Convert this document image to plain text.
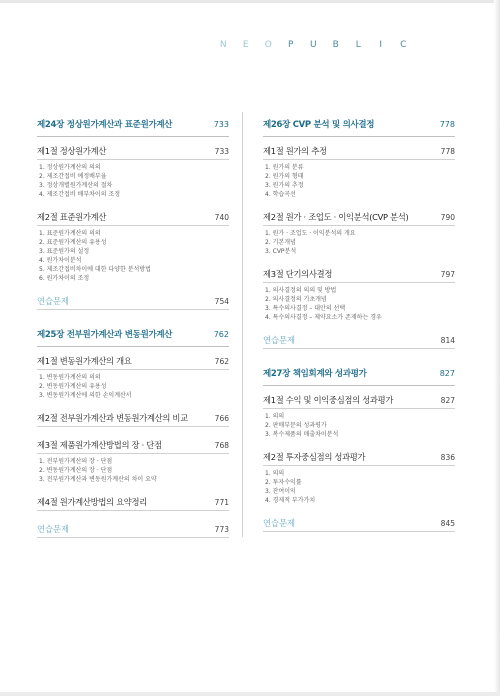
N	E	O	P	U	B	L	I	C
제24장 정상원가계산과 표준원가계산	733
제1절 정상원가계산	733
1. 정상원가계산의 의의
2. 제조간접비 예정배부율
3. 정상개별원가계산의 절차
4. 제조간접비 배부차이의 조정
제2절 표준원가계산	740
1. 표준원가계산의 의의
2. 표준원가계산의 유용성
3. 표준원가의 설정
4. 원가차이분석
5. 제조간접비차이에 대한 다양한 분석방법
6. 원가차이의 조정
연습문제	754
제25장 전부원가계산과 변동원가계산	762
제1절 변동원가계산의 개요	762
1. 변동원가계산의 의의
2. 변동원가계산의 유용성
3. 변동원가계산에 의한 손익계산서
제2절 전부원가계산과 변동원가계산의 비교	766
제3절 제품원가계산방법의 장 · 단점	768
1. 전부원가계산의 장 · 단점
2. 변동원가계산의 장 · 단점
3. 전부원가계산과 변동원가계산의 차이 요약
제4절 원가계산방법의 요약정리	771
연습문제	773
제26장 CVP 분석 및 의사결정	778
제1절 원가의 추정	778
1. 원가의 분류
2. 원가의 형태
3. 원가의 추정
4. 학습곡선
제2절 원가 · 조업도 · 이익분석(CVP 분석)	790
1. 원가 · 조업도 · 이익분석의 개요
2. 기본개념
3. CVP분석
제3절 단기의사결정	797
1. 의사결정의 의의 및 방법
2. 의사결정의 기초개념
3. 특수의사결정 – 대안의 선택
4. 특수의사결정 – 제약요소가 존재하는 경우
연습문제	814
제27장 책임회계와 성과평가	827
제1절 수익 및 이익중심점의 성과평가	827
1. 의의
2. 판매부문의 성과평가
3. 복수제품의 매출차이분석
제2절 투자중심점의 성과평가	836
1. 의의
2. 투자수익률
3. 잔여이익
4. 경제적 부가가치
연습문제	845
